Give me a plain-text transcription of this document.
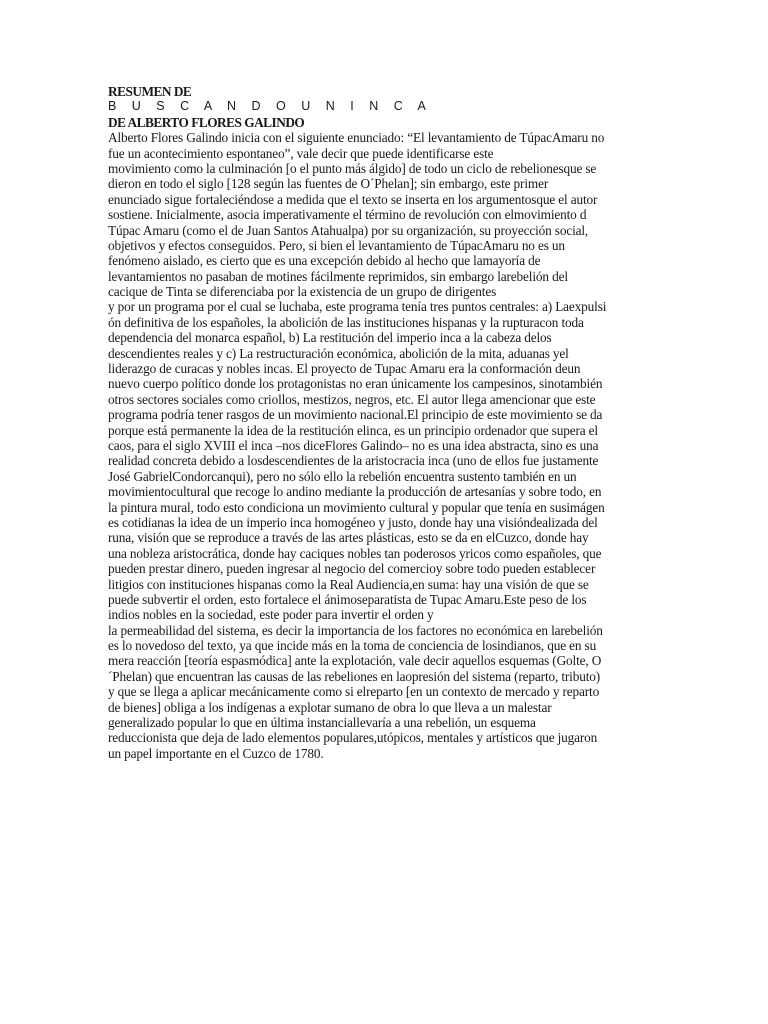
RESUMEN DE
B U S C A N D O U N I N C A
DE ALBERTO FLORES GALINDO
Alberto Flores Galindo inicia con el siguiente enunciado: “El levantamiento de TúpacAmaru no
fue un acontecimiento espontaneo”, vale decir que puede identificarse este
movimiento como la culminación [o el punto más álgido] de todo un ciclo de rebelionesque se
dieron en todo el siglo [128 según las fuentes de O´Phelan]; sin embargo, este primer
enunciado sigue fortaleciéndose a medida que el texto se inserta en los argumentosque el autor
sostiene. Inicialmente, asocia imperativamente el término de revolución con elmovimiento d
Túpac Amaru (como el de Juan Santos Atahualpa) por su organización, su proyección social,
objetivos y efectos conseguidos. Pero, si bien el levantamiento de TúpacAmaru no es un
fenómeno aislado, es cierto que es una excepción debido al hecho que lamayoría de
levantamientos no pasaban de motines fácilmente reprimidos, sin embargo larebelión del
cacique de Tinta se diferenciaba por la existencia de un grupo de dirigentes
y por un programa por el cual se luchaba, este programa tenía tres puntos centrales: a) Laexpulsi
ón definitiva de los españoles, la abolición de las instituciones hispanas y la rupturacon toda
dependencia del monarca español, b) La restitución del imperio inca a la cabeza delos
descendientes reales y c) La restructuración económica, abolición de la mita, aduanas yel
liderazgo de curacas y nobles incas. El proyecto de Tupac Amaru era la conformación deun
nuevo cuerpo político donde los protagonistas no eran únicamente los campesinos, sinotambién
otros sectores sociales como criollos, mestizos, negros, etc. El autor llega amencionar que este
programa podría tener rasgos de un movimiento nacional.El principio de este movimiento se da
porque está permanente la idea de la restitución elinca, es un principio ordenador que supera el
caos, para el siglo XVIII el inca –nos diceFlores Galindo– no es una idea abstracta, sino es una
realidad concreta debido a losdescendientes de la aristocracia inca (uno de ellos fue justamente
José GabrielCondorcanqui), pero no sólo ello la rebelión encuentra sustento también en un
movimientocultural que recoge lo andino mediante la producción de artesanías y sobre todo, en
la pintura mural, todo esto condiciona un movimiento cultural y popular que tenía en susimágen
es cotidianas la idea de un imperio inca homogéneo y justo, donde hay una visióndealizada del
runa, visión que se reproduce a través de las artes plásticas, esto se da en elCuzco, donde hay
una nobleza aristocrática, donde hay caciques nobles tan poderosos yricos como españoles, que
pueden prestar dinero, pueden ingresar al negocio del comercioy sobre todo pueden establecer
litigios con instituciones hispanas como la Real Audiencia,en suma: hay una visión de que se
puede subvertir el orden, esto fortalece el ánimoseparatista de Tupac Amaru.Este peso de los
indios nobles en la sociedad, este poder para invertir el orden y
la permeabilidad del sistema, es decir la importancia de los factores no económica en larebelión
es lo novedoso del texto, ya que incide más en la toma de conciencia de losindianos, que en su
mera reacción [teoría espasmódica] ante la explotación, vale decir aquellos esquemas (Golte, O
´Phelan) que encuentran las causas de las rebeliones en laopresión del sistema (reparto, tributo)
y que se llega a aplicar mecánicamente como si elreparto [en un contexto de mercado y reparto
de bienes] obliga a los indígenas a explotar sumano de obra lo que lleva a un malestar
generalizado popular lo que en última instanciallevaría a una rebelión, un esquema
reduccionista que deja de lado elementos populares,utópicos, mentales y artísticos que jugaron
un papel importante en el Cuzco de 1780.
